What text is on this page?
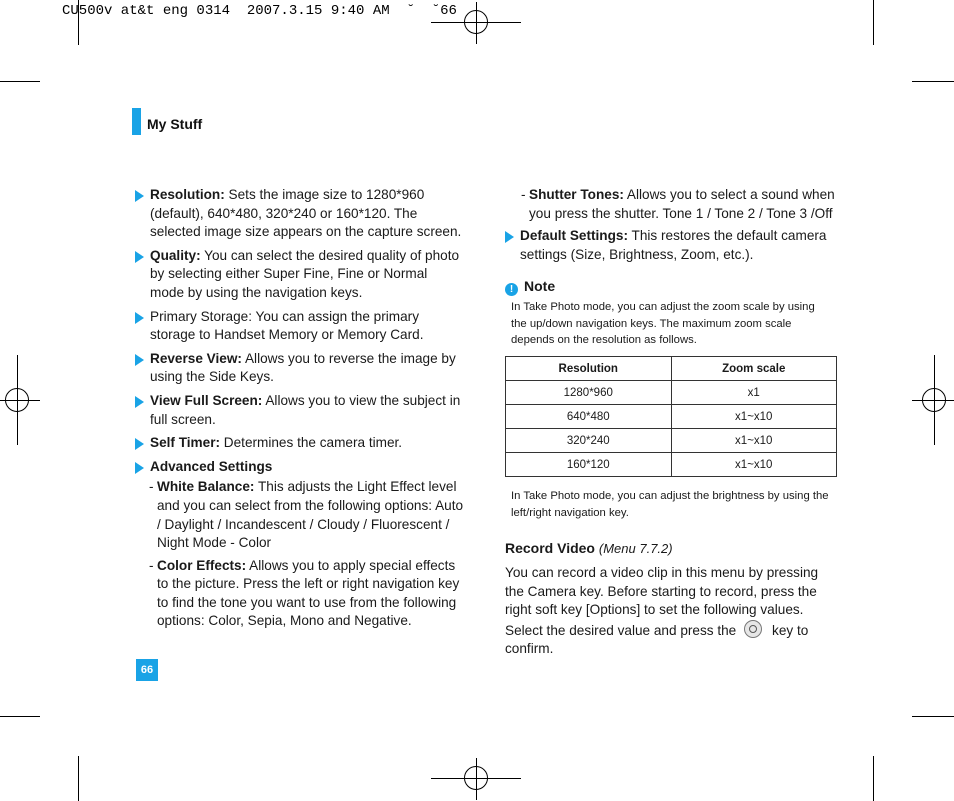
CU500v at&t eng 0314  2007.3.15 9:40 AM ˘  ˘66
My Stuff
Resolution: Sets the image size to 1280*960 (default), 640*480, 320*240 or 160*120. The selected image size appears on the capture screen.
Quality: You can select the desired quality of photo by selecting either Super Fine, Fine or Normal mode by using the navigation keys.
Primary Storage: You can assign the primary storage to Handset Memory or Memory Card.
Reverse View: Allows you to reverse the image by using the Side Keys.
View Full Screen: Allows you to view the subject in full screen.
Self Timer: Determines the camera timer.
Advanced Settings
- White Balance: This adjusts the Light Effect level and you can select from the following options: Auto / Daylight / Incandescent / Cloudy / Fluorescent / Night Mode - Color
- Color Effects: Allows you to apply special effects to the picture. Press the left or right navigation key to find the tone you want to use from the following options: Color, Sepia, Mono and Negative.
- Shutter Tones: Allows you to select a sound when you press the shutter. Tone 1 / Tone 2 / Tone 3 /Off
Default Settings: This restores the default camera settings (Size, Brightness, Zoom, etc.).
! Note
In Take Photo mode, you can adjust the zoom scale by using the up/down navigation keys. The maximum zoom scale depends on the resolution as follows.
Resolution	Zoom scale
1280*960	x1
640*480	x1~x10
320*240	x1~x10
160*120	x1~x10
In Take Photo mode, you can adjust the brightness by using the left/right navigation key.
Record Video (Menu 7.7.2)
You can record a video clip in this menu by pressing the Camera key. Before starting to record, press the right soft key [Options] to set the following values. Select the desired value and press the key to confirm.
66
